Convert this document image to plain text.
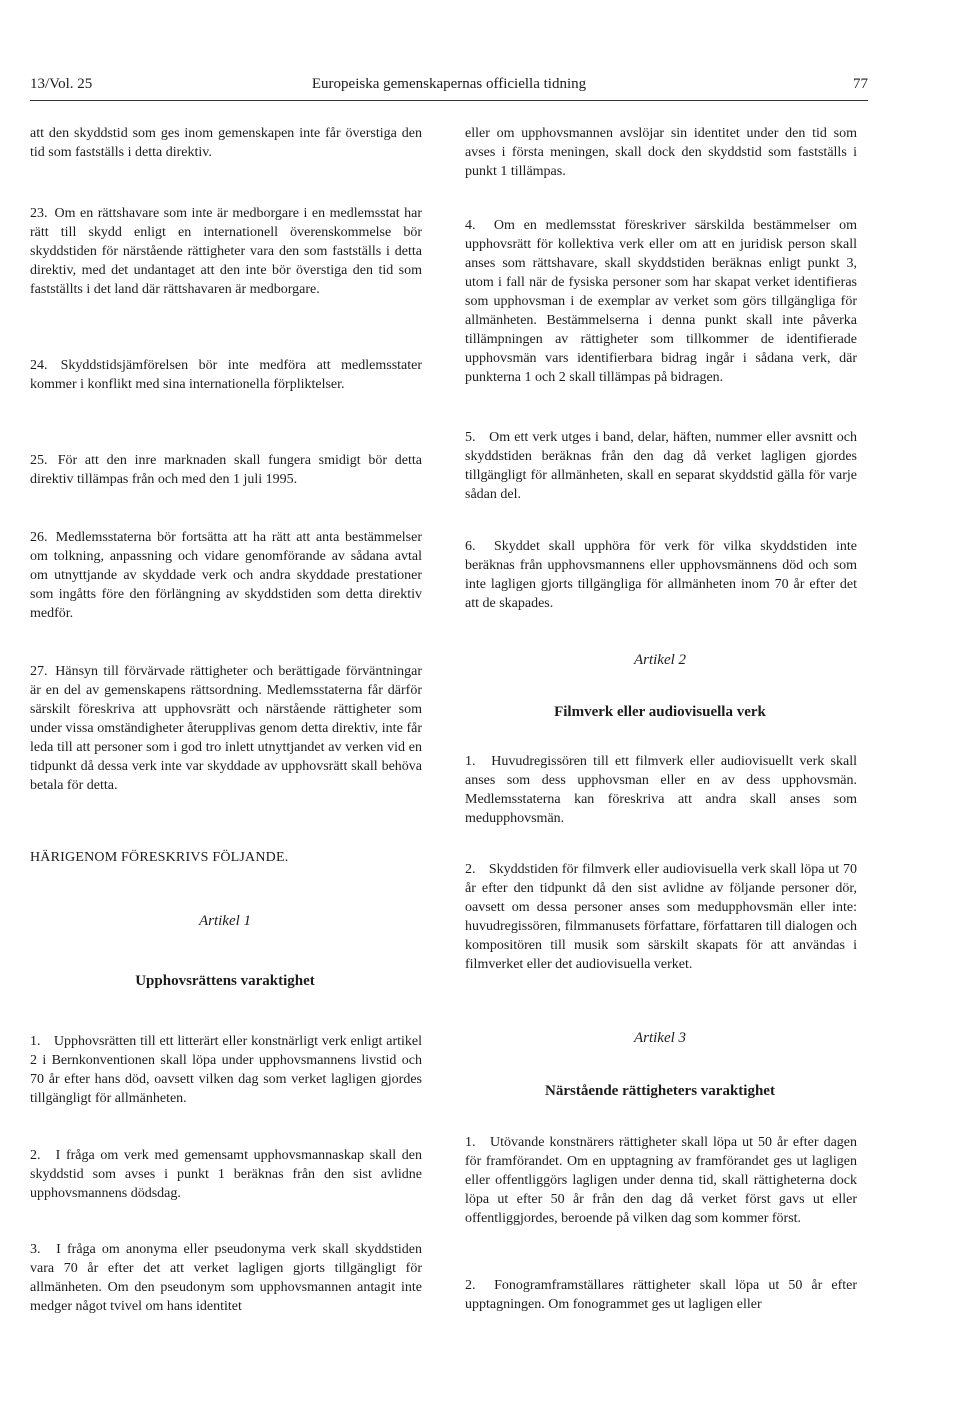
13/Vol. 25	Europeiska gemenskapernas officiella tidning	77
att den skyddstid som ges inom gemenskapen inte får överstiga den tid som fastställs i detta direktiv.
23. Om en rättshavare som inte är medborgare i en medlemsstat har rätt till skydd enligt en internationell överenskommelse bör skyddstiden för närstående rättigheter vara den som fastställs i detta direktiv, med det undantaget att den inte bör överstiga den tid som fastställts i det land där rättshavaren är medborgare.
24. Skyddstidsjämförelsen bör inte medföra att medlemsstater kommer i konflikt med sina internationella förpliktelser.
25. För att den inre marknaden skall fungera smidigt bör detta direktiv tillämpas från och med den 1 juli 1995.
26. Medlemsstaterna bör fortsätta att ha rätt att anta bestämmelser om tolkning, anpassning och vidare genomförande av sådana avtal om utnyttjande av skyddade verk och andra skyddade prestationer som ingåtts före den förlängning av skyddstiden som detta direktiv medför.
27. Hänsyn till förvärvade rättigheter och berättigade förväntningar är en del av gemenskapens rättsordning. Medlemsstaterna får därför särskilt föreskriva att upphovsrätt och närstående rättigheter som under vissa omständigheter återupplivas genom detta direktiv, inte får leda till att personer som i god tro inlett utnyttjandet av verken vid en tidpunkt då dessa verk inte var skyddade av upphovsrätt skall behöva betala för detta.
HÄRIGENOM FÖRESKRIVS FÖLJANDE.
Artikel 1
Upphovsrättens varaktighet
1. Upphovsrätten till ett litterärt eller konstnärligt verk enligt artikel 2 i Bernkonventionen skall löpa under upphovsmannens livstid och 70 år efter hans död, oavsett vilken dag som verket lagligen gjordes tillgängligt för allmänheten.
2. I fråga om verk med gemensamt upphovsmannaskap skall den skyddstid som avses i punkt 1 beräknas från den sist avlidne upphovsmannens dödsdag.
3. I fråga om anonyma eller pseudonyma verk skall skyddstiden vara 70 år efter det att verket lagligen gjorts tillgängligt för allmänheten. Om den pseudonym som upphovsmannen antagit inte medger något tvivel om hans identitet
eller om upphovsmannen avslöjar sin identitet under den tid som avses i första meningen, skall dock den skyddstid som fastställs i punkt 1 tillämpas.
4. Om en medlemsstat föreskriver särskilda bestämmelser om upphovsrätt för kollektiva verk eller om att en juridisk person skall anses som rättshavare, skall skyddstiden beräknas enligt punkt 3, utom i fall när de fysiska personer som har skapat verket identifieras som upphovsman i de exemplar av verket som görs tillgängliga för allmänheten. Bestämmelserna i denna punkt skall inte påverka tillämpningen av rättigheter som tillkommer de identifierade upphovsmän vars identifierbara bidrag ingår i sådana verk, där punkterna 1 och 2 skall tillämpas på bidragen.
5. Om ett verk utges i band, delar, häften, nummer eller avsnitt och skyddstiden beräknas från den dag då verket lagligen gjordes tillgängligt för allmänheten, skall en separat skyddstid gälla för varje sådan del.
6. Skyddet skall upphöra för verk för vilka skyddstiden inte beräknas från upphovsmannens eller upphovsmännens död och som inte lagligen gjorts tillgängliga för allmänheten inom 70 år efter det att de skapades.
Artikel 2
Filmverk eller audiovisuella verk
1. Huvudregissören till ett filmverk eller audiovisuellt verk skall anses som dess upphovsman eller en av dess upphovsmän. Medlemsstaterna kan föreskriva att andra skall anses som medupphovsmän.
2. Skyddstiden för filmverk eller audiovisuella verk skall löpa ut 70 år efter den tidpunkt då den sist avlidne av följande personer dör, oavsett om dessa personer anses som medupphovsmän eller inte: huvudregissören, filmmanusets författare, författaren till dialogen och kompositören till musik som särskilt skapats för att användas i filmverket eller det audiovisuella verket.
Artikel 3
Närstående rättigheters varaktighet
1. Utövande konstnärers rättigheter skall löpa ut 50 år efter dagen för framförandet. Om en upptagning av framförandet ges ut lagligen eller offentliggörs lagligen under denna tid, skall rättigheterna dock löpa ut efter 50 år från den dag då verket först gavs ut eller offentliggjordes, beroende på vilken dag som kommer först.
2. Fonogramframställares rättigheter skall löpa ut 50 år efter upptagningen. Om fonogrammet ges ut lagligen eller
